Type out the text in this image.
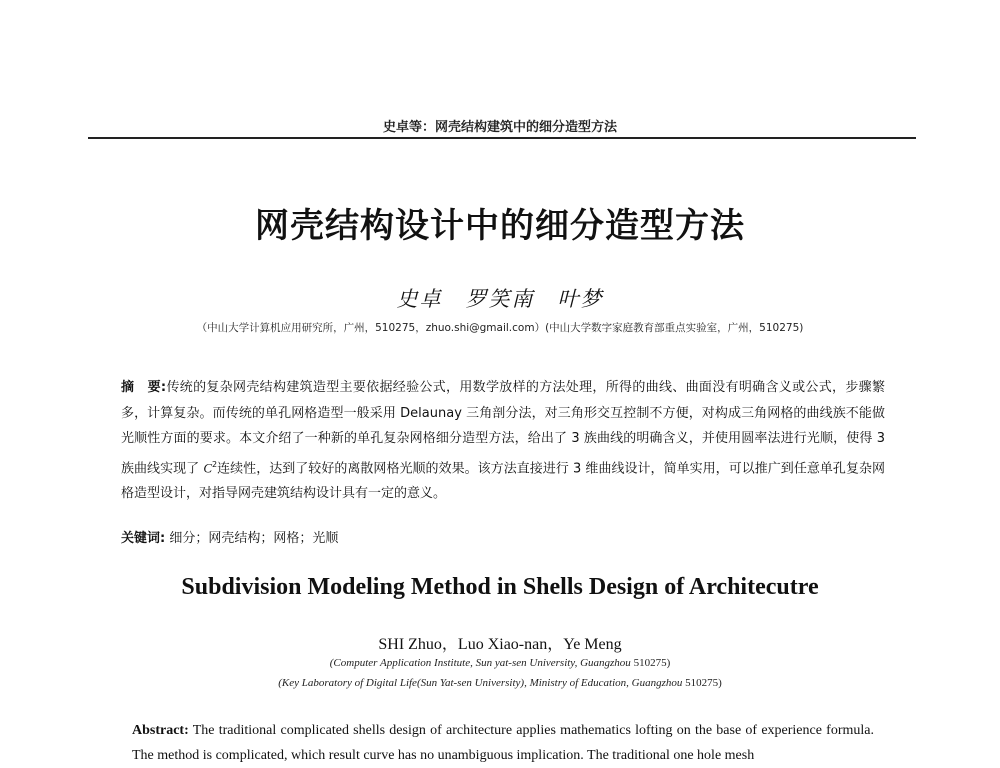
史卓等：网壳结构建筑中的细分造型方法
网壳结构设计中的细分造型方法
史卓　罗笑南　叶梦
（中山大学计算机应用研究所，广州，510275，zhuo.shi@gmail.com）(中山大学数字家庭教育部重点实验室，广州，510275)
摘　要:传统的复杂网壳结构建筑造型主要依据经验公式，用数学放样的方法处理，所得的曲线、曲面没有明确含义或公式，步骤繁多，计算复杂。而传统的单孔网格造型一般采用 Delaunay 三角剖分法，对三角形交互控制不方便，对构成三角网格的曲线族不能做光顺性方面的要求。本文介绍了一种新的单孔复杂网格细分造型方法，给出了 3 族曲线的明确含义，并使用圆率法进行光顺，使得 3 族曲线实现了 $C^2$连续性，达到了较好的离散网格光顺的效果。该方法直接进行 3 维曲线设计，简单实用，可以推广到任意单孔复杂网格造型设计，对指导网壳建筑结构设计具有一定的意义。
关键词: 细分；网壳结构；网格；光顺
Subdivision Modeling Method in Shells Design of Architecutre
SHI Zhuo，Luo Xiao-nan，Ye Meng
(Computer Application Institute, Sun yat-sen University, Guangzhou 510275)
(Key Laboratory of Digital Life(Sun Yat-sen University), Ministry of Education, Guangzhou 510275)
Abstract: The traditional complicated shells design of architecture applies mathematics lofting on the base of experience formula. The method is complicated, which result curve has no unambiguous implication. The traditional one hole mesh
